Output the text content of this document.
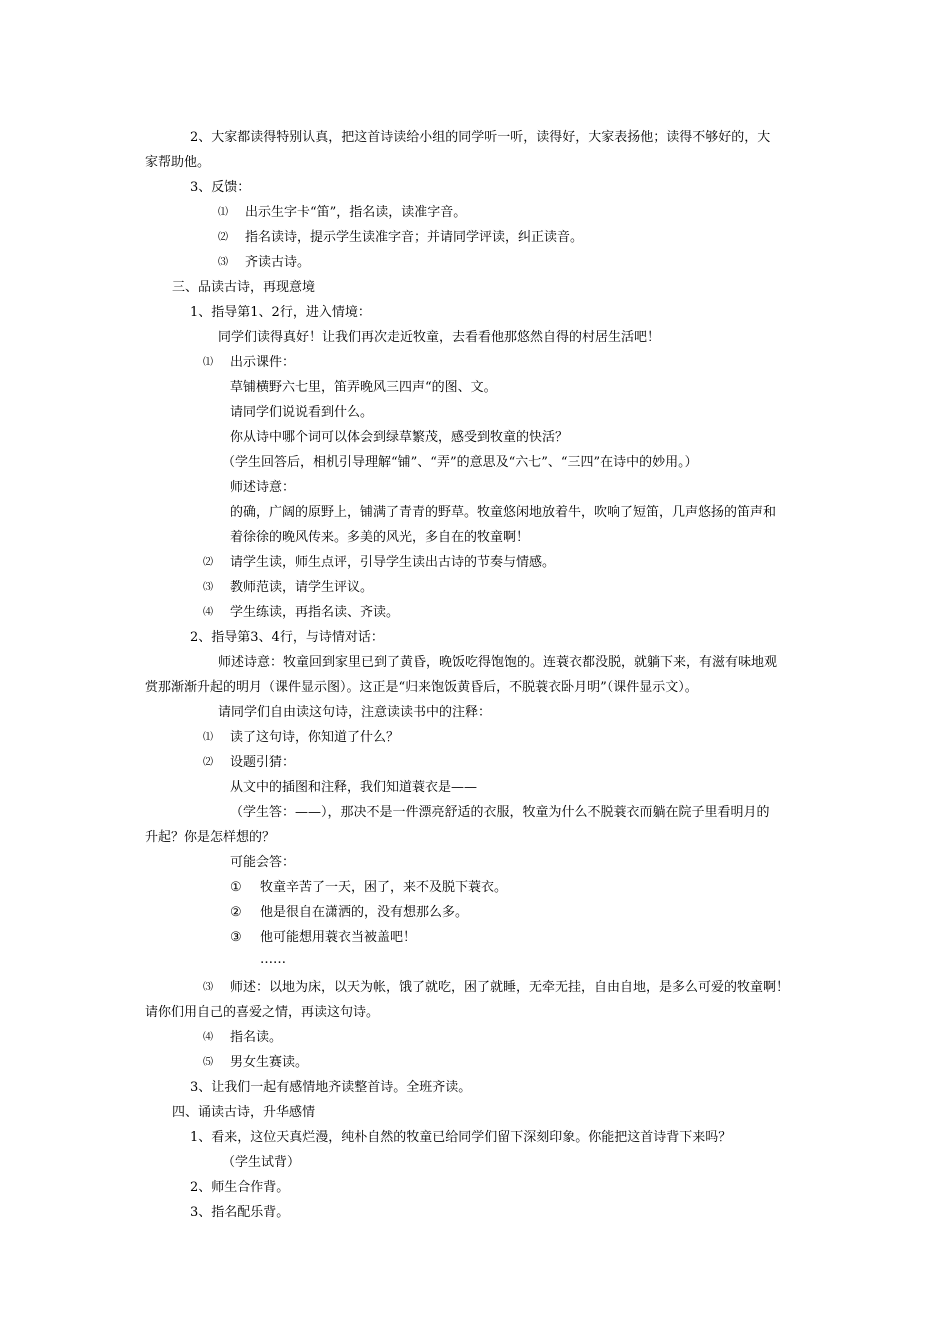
2、大家都读得特别认真，把这首诗读给小组的同学听一听，读得好，大家表扬他；读得不够好的，大
家帮助他。
3、反馈：
⑴ 出示生字卡“笛”，指名读，读准字音。
⑵ 指名读诗，提示学生读准字音；并请同学评读，纠正读音。
⑶ 齐读古诗。
三、品读古诗，再现意境
1、指导第1、2行，进入情境：
同学们读得真好！让我们再次走近牧童，去看看他那悠然自得的村居生活吧！
⑴ 出示课件：
草铺横野六七里，笛弄晚风三四声“的图、文。
请同学们说说看到什么。
你从诗中哪个词可以体会到绿草繁茂，感受到牧童的快活？
（学生回答后，相机引导理解“铺”、“弄”的意思及“六七”、“三四”在诗中的妙用。）
师述诗意：
的确，广阔的原野上，铺满了青青的野草。牧童悠闲地放着牛，吹响了短笛，几声悠扬的笛声和
着徐徐的晚风传来。多美的风光，多自在的牧童啊！
⑵ 请学生读，师生点评，引导学生读出古诗的节奏与情感。
⑶ 教师范读，请学生评议。
⑷ 学生练读，再指名读、齐读。
2、指导第3、4行，与诗情对话：
师述诗意：牧童回到家里已到了黄昏，晚饭吃得饱饱的。连蓑衣都没脱，就躺下来，有滋有味地观
赏那渐渐升起的明月（课件显示图）。这正是“归来饱饭黄昏后，不脱蓑衣卧月明”（课件显示文）。
请同学们自由读这句诗，注意读读书中的注释：
⑴ 读了这句诗，你知道了什么？
⑵ 设题引猜：
从文中的插图和注释，我们知道蓑衣是——
（学生答：——），那决不是一件漂亮舒适的衣服，牧童为什么不脱蓑衣而躺在院子里看明月的
升起？你是怎样想的？
可能会答：
① 牧童辛苦了一天，困了，来不及脱下蓑衣。
② 他是很自在潇洒的，没有想那么多。
③ 他可能想用蓑衣当被盖吧！
……
⑶ 师述：以地为床，以天为帐，饿了就吃，困了就睡，无牵无挂，自由自地，是多么可爱的牧童啊！
请你们用自己的喜爱之情，再读这句诗。
⑷ 指名读。
⑸ 男女生赛读。
3、让我们一起有感情地齐读整首诗。全班齐读。
四、诵读古诗，升华感情
1、看来，这位天真烂漫，纯朴自然的牧童已给同学们留下深刻印象。你能把这首诗背下来吗？
（学生试背）
2、师生合作背。
3、指名配乐背。
